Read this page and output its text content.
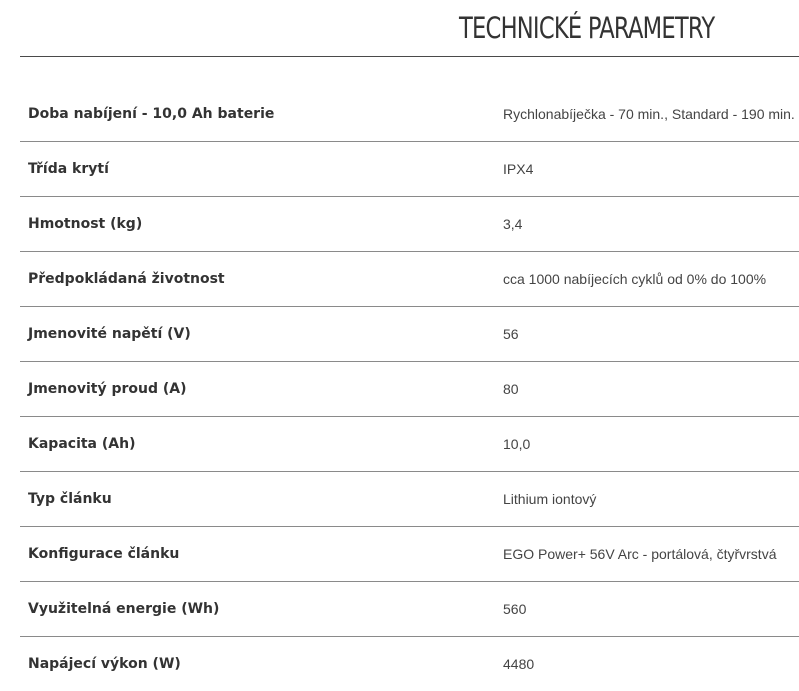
TECHNICKÉ PARAMETRY
Doba nabíjení - 10,0 Ah baterie	Rychlonabíječka - 70 min., Standard - 190 min.
Třída krytí	IPX4
Hmotnost (kg)	3,4
Předpokládaná životnost	cca 1000 nabíjecích cyklů od 0% do 100%
Jmenovité napětí (V)	56
Jmenovitý proud (A)	80
Kapacita (Ah)	10,0
Typ článku	Lithium iontový
Konfigurace článku	EGO Power+ 56V Arc - portálová, čtyřvrstvá
Využitelná energie (Wh)	560
Napájecí výkon (W)	4480
